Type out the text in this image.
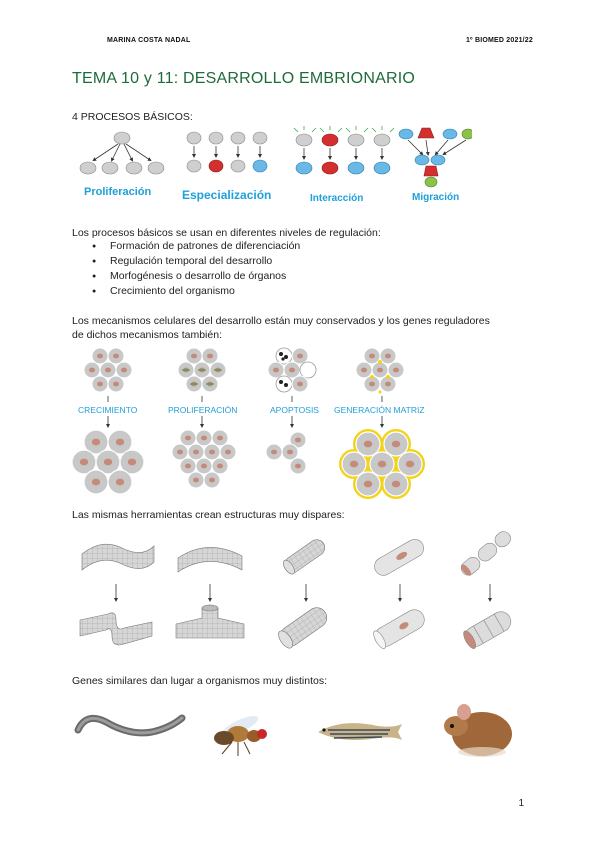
MARINA COSTA NADAL	1º BIOMED 2021/22
TEMA 10 y 11: DESARROLLO EMBRIONARIO
4 PROCESOS BÁSICOS:
Proliferación	Especialización	Interacción	Migración
Los procesos básicos se usan en diferentes niveles de regulación:
● Formación de patrones de diferenciación
● Regulación temporal del desarrollo
● Morfogénesis o desarrollo de órganos
● Crecimiento del organismo
Los mecanismos celulares del desarrollo están muy conservados y los genes reguladores
de dichos mecanismos también:
CRECIMIENTO	PROLIFERACIÓN	APOPTOSIS GENERACIÓN MATRIZ
Las mismas herramientas crean estructuras muy dispares:
Genes similares dan lugar a organismos muy distintos:
1
